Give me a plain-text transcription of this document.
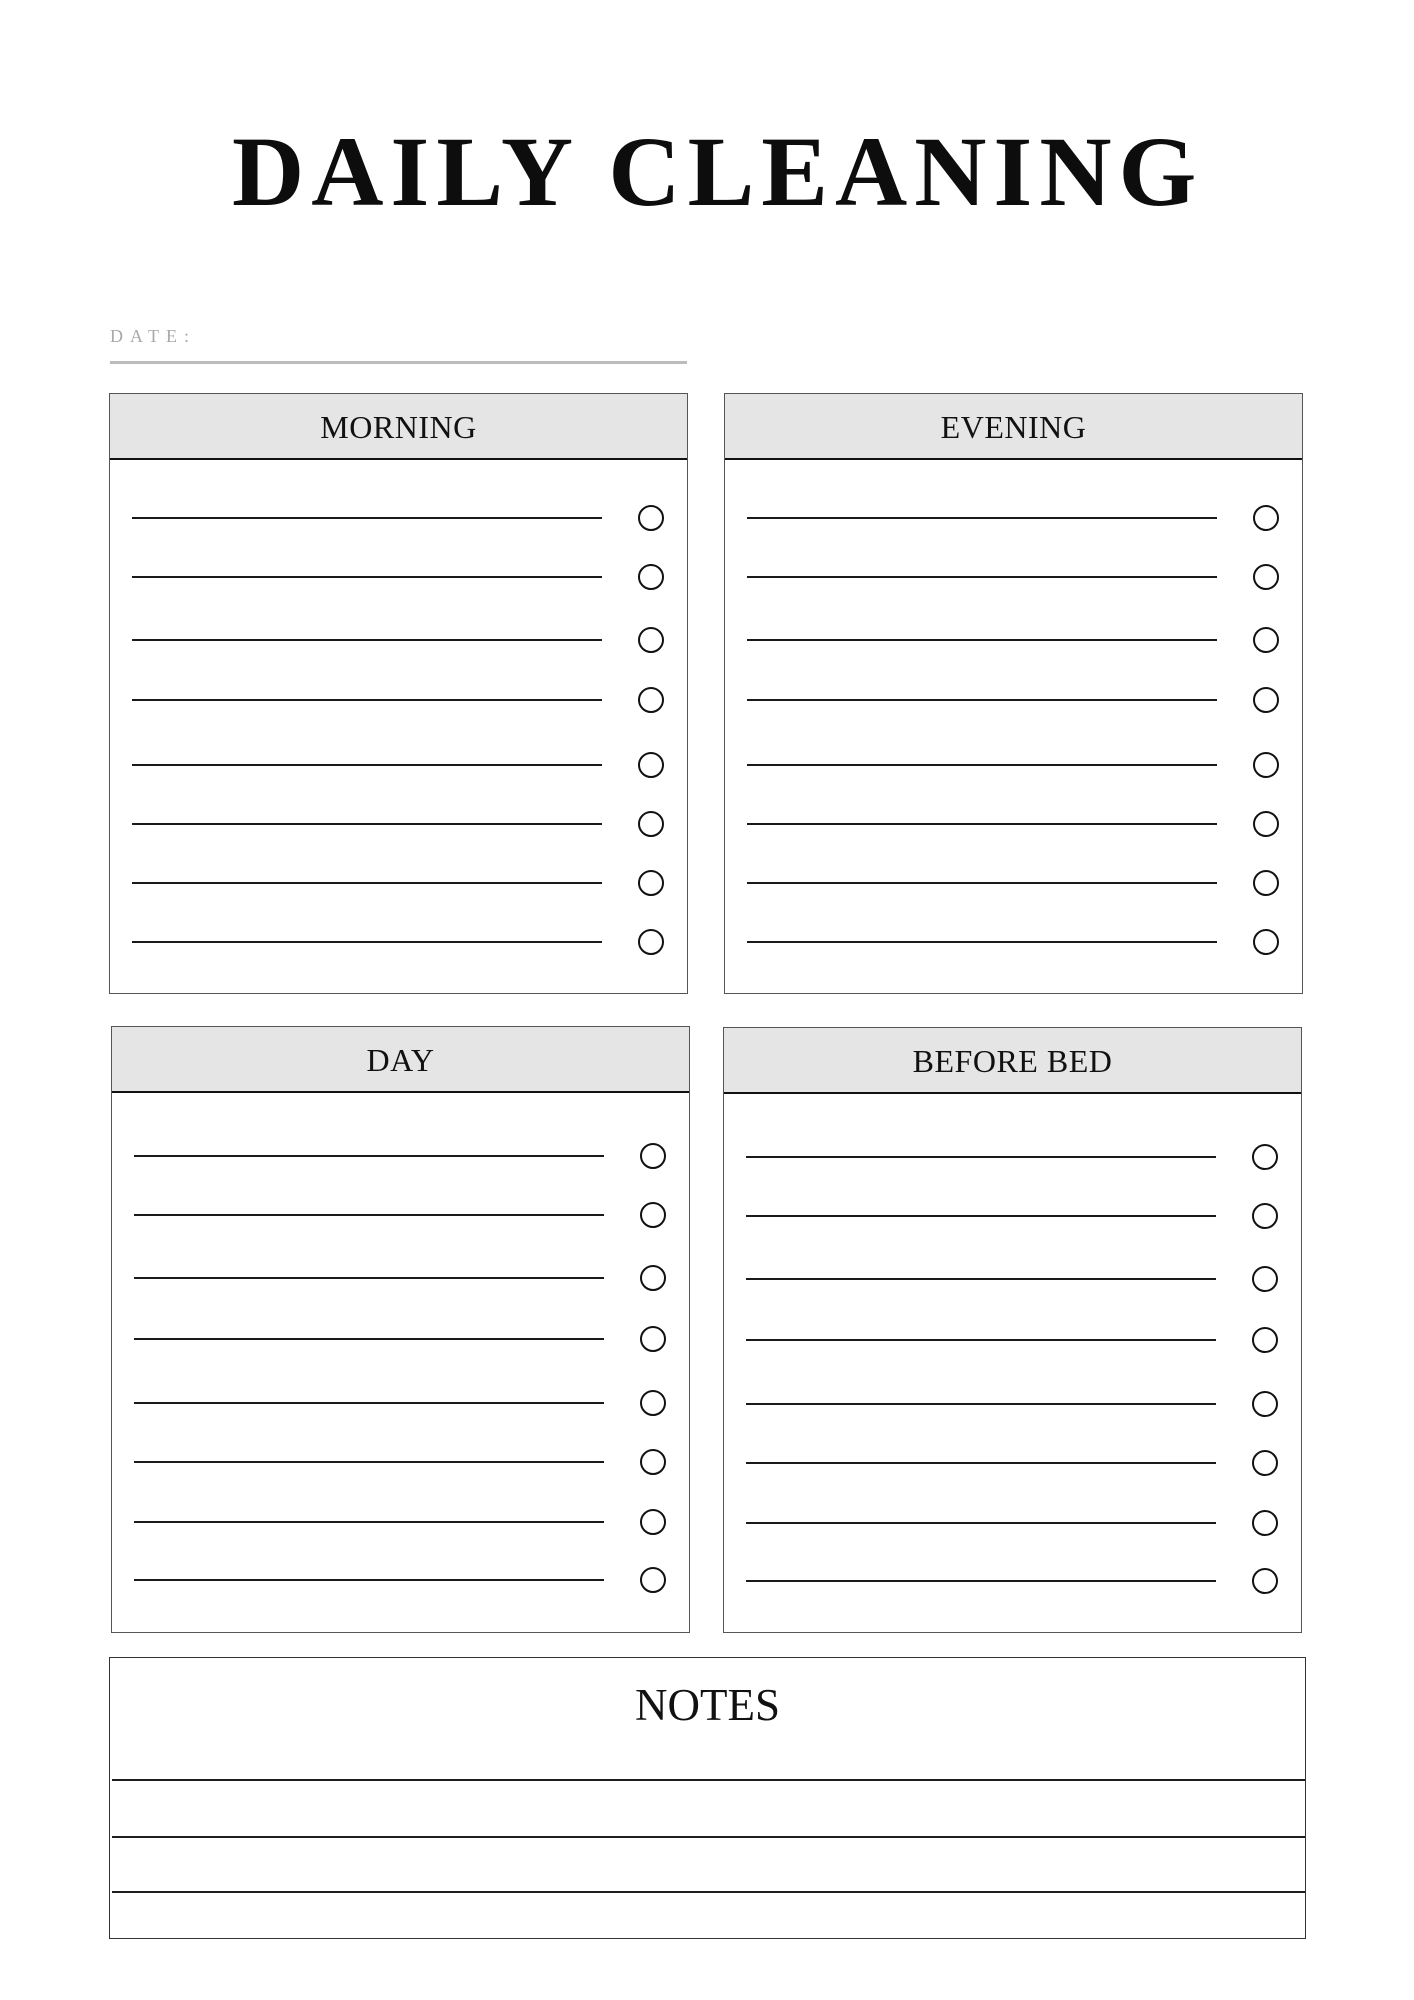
DAILY CLEANING
DATE:
MORNING	EVENING
DAY	BEFORE BED
NOTES
